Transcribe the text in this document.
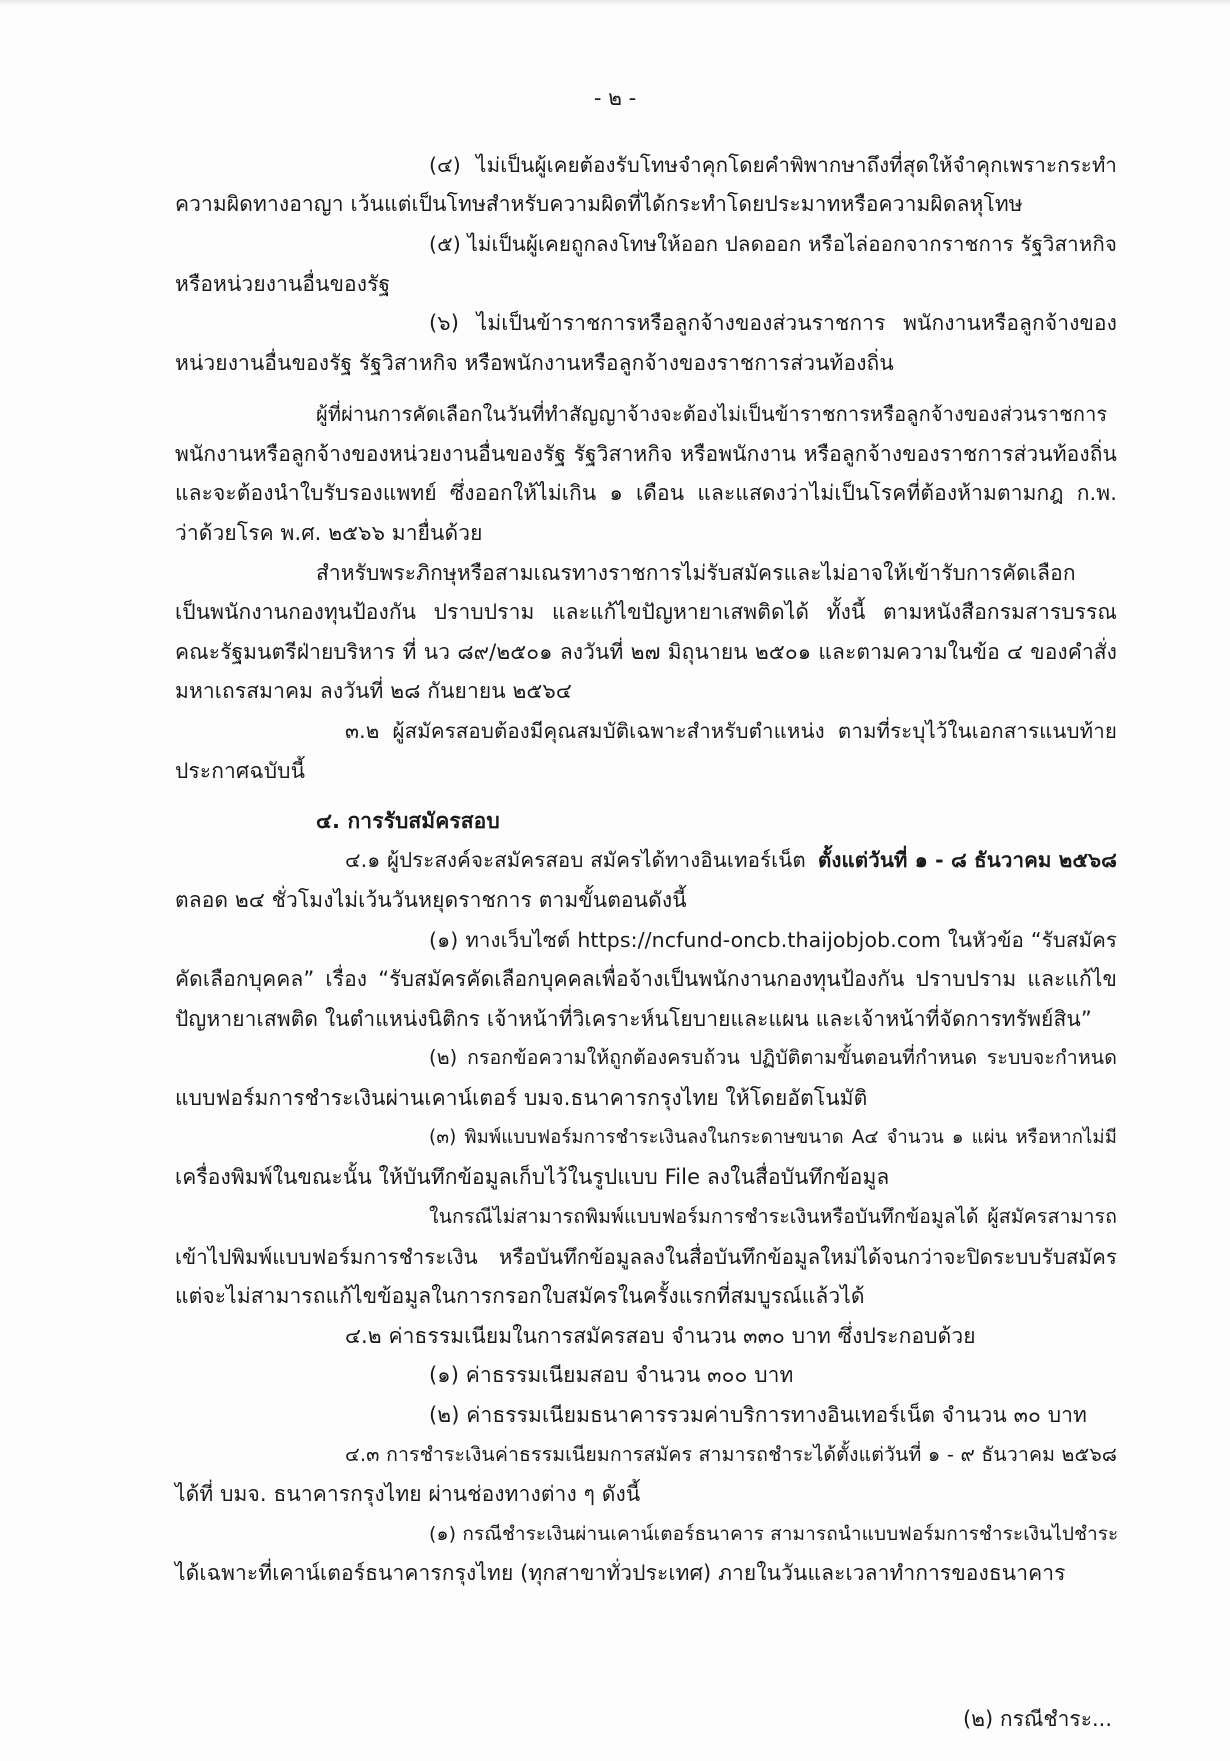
- ๒ -
(๔) ไม่เป็นผู้เคยต้องรับโทษจำคุกโดยคำพิพากษาถึงที่สุดให้จำคุกเพราะกระทำ
ความผิดทางอาญา เว้นแต่เป็นโทษสำหรับความผิดที่ได้กระทำโดยประมาทหรือความผิดลหุโทษ
(๕) ไม่เป็นผู้เคยถูกลงโทษให้ออก ปลดออก หรือไล่ออกจากราชการ รัฐวิสาหกิจ
หรือหน่วยงานอื่นของรัฐ
(๖) ไม่เป็นข้าราชการหรือลูกจ้างของส่วนราชการ พนักงานหรือลูกจ้างของ
หน่วยงานอื่นของรัฐ รัฐวิสาหกิจ หรือพนักงานหรือลูกจ้างของราชการส่วนท้องถิ่น
ผู้ที่ผ่านการคัดเลือกในวันที่ทำสัญญาจ้างจะต้องไม่เป็นข้าราชการหรือลูกจ้างของส่วนราชการ
พนักงานหรือลูกจ้างของหน่วยงานอื่นของรัฐ รัฐวิสาหกิจ หรือพนักงาน หรือลูกจ้างของราชการส่วนท้องถิ่น
และจะต้องนำใบรับรองแพทย์ ซึ่งออกให้ไม่เกิน ๑ เดือน และแสดงว่าไม่เป็นโรคที่ต้องห้ามตามกฎ ก.พ.
ว่าด้วยโรค พ.ศ. ๒๕๖๖ มายื่นด้วย
สำหรับพระภิกษุหรือสามเณรทางราชการไม่รับสมัครและไม่อาจให้เข้ารับการคัดเลือก
เป็นพนักงานกองทุนป้องกัน ปราบปราม และแก้ไขปัญหายาเสพติดได้ ทั้งนี้ ตามหนังสือกรมสารบรรณ
คณะรัฐมนตรีฝ่ายบริหาร ที่ นว ๘๙/๒๕๐๑ ลงวันที่ ๒๗ มิถุนายน ๒๕๐๑ และตามความในข้อ ๔ ของคำสั่ง
มหาเถรสมาคม ลงวันที่ ๒๘ กันยายน ๒๕๖๔
๓.๒ ผู้สมัครสอบต้องมีคุณสมบัติเฉพาะสำหรับตำแหน่ง ตามที่ระบุไว้ในเอกสารแนบท้าย
ประกาศฉบับนี้
๔. การรับสมัครสอบ
๔.๑ ผู้ประสงค์จะสมัครสอบ สมัครได้ทางอินเทอร์เน็ต ตั้งแต่วันที่ ๑ - ๘ ธันวาคม ๒๕๖๘
ตลอด ๒๔ ชั่วโมงไม่เว้นวันหยุดราชการ ตามขั้นตอนดังนี้
(๑) ทางเว็บไซต์ https://ncfund-oncb.thaijobjob.com ในหัวข้อ “รับสมัคร
คัดเลือกบุคคล” เรื่อง “รับสมัครคัดเลือกบุคคลเพื่อจ้างเป็นพนักงานกองทุนป้องกัน ปราบปราม และแก้ไข
ปัญหายาเสพติด ในตำแหน่งนิติกร เจ้าหน้าที่วิเคราะห์นโยบายและแผน และเจ้าหน้าที่จัดการทรัพย์สิน”
(๒) กรอกข้อความให้ถูกต้องครบถ้วน ปฏิบัติตามขั้นตอนที่กำหนด ระบบจะกำหนด
แบบฟอร์มการชำระเงินผ่านเคาน์เตอร์ บมจ.ธนาคารกรุงไทย ให้โดยอัตโนมัติ
(๓) พิมพ์แบบฟอร์มการชำระเงินลงในกระดาษขนาด A๔ จำนวน ๑ แผ่น หรือหากไม่มี
เครื่องพิมพ์ในขณะนั้น ให้บันทึกข้อมูลเก็บไว้ในรูปแบบ File ลงในสื่อบันทึกข้อมูล
ในกรณีไม่สามารถพิมพ์แบบฟอร์มการชำระเงินหรือบันทึกข้อมูลได้ ผู้สมัครสามารถ
เข้าไปพิมพ์แบบฟอร์มการชำระเงิน หรือบันทึกข้อมูลลงในสื่อบันทึกข้อมูลใหม่ได้จนกว่าจะปิดระบบรับสมัคร
แต่จะไม่สามารถแก้ไขข้อมูลในการกรอกใบสมัครในครั้งแรกที่สมบูรณ์แล้วได้
๔.๒ ค่าธรรมเนียมในการสมัครสอบ จำนวน ๓๓๐ บาท ซึ่งประกอบด้วย
(๑) ค่าธรรมเนียมสอบ จำนวน ๓๐๐ บาท
(๒) ค่าธรรมเนียมธนาคารรวมค่าบริการทางอินเทอร์เน็ต จำนวน ๓๐ บาท
๔.๓ การชำระเงินค่าธรรมเนียมการสมัคร สามารถชำระได้ตั้งแต่วันที่ ๑ - ๙ ธันวาคม ๒๕๖๘
ได้ที่ บมจ. ธนาคารกรุงไทย ผ่านช่องทางต่าง ๆ ดังนี้
(๑) กรณีชำระเงินผ่านเคาน์เตอร์ธนาคาร สามารถนำแบบฟอร์มการชำระเงินไปชำระ
ได้เฉพาะที่เคาน์เตอร์ธนาคารกรุงไทย (ทุกสาขาทั่วประเทศ) ภายในวันและเวลาทำการของธนาคาร
(๒) กรณีชำระ...
